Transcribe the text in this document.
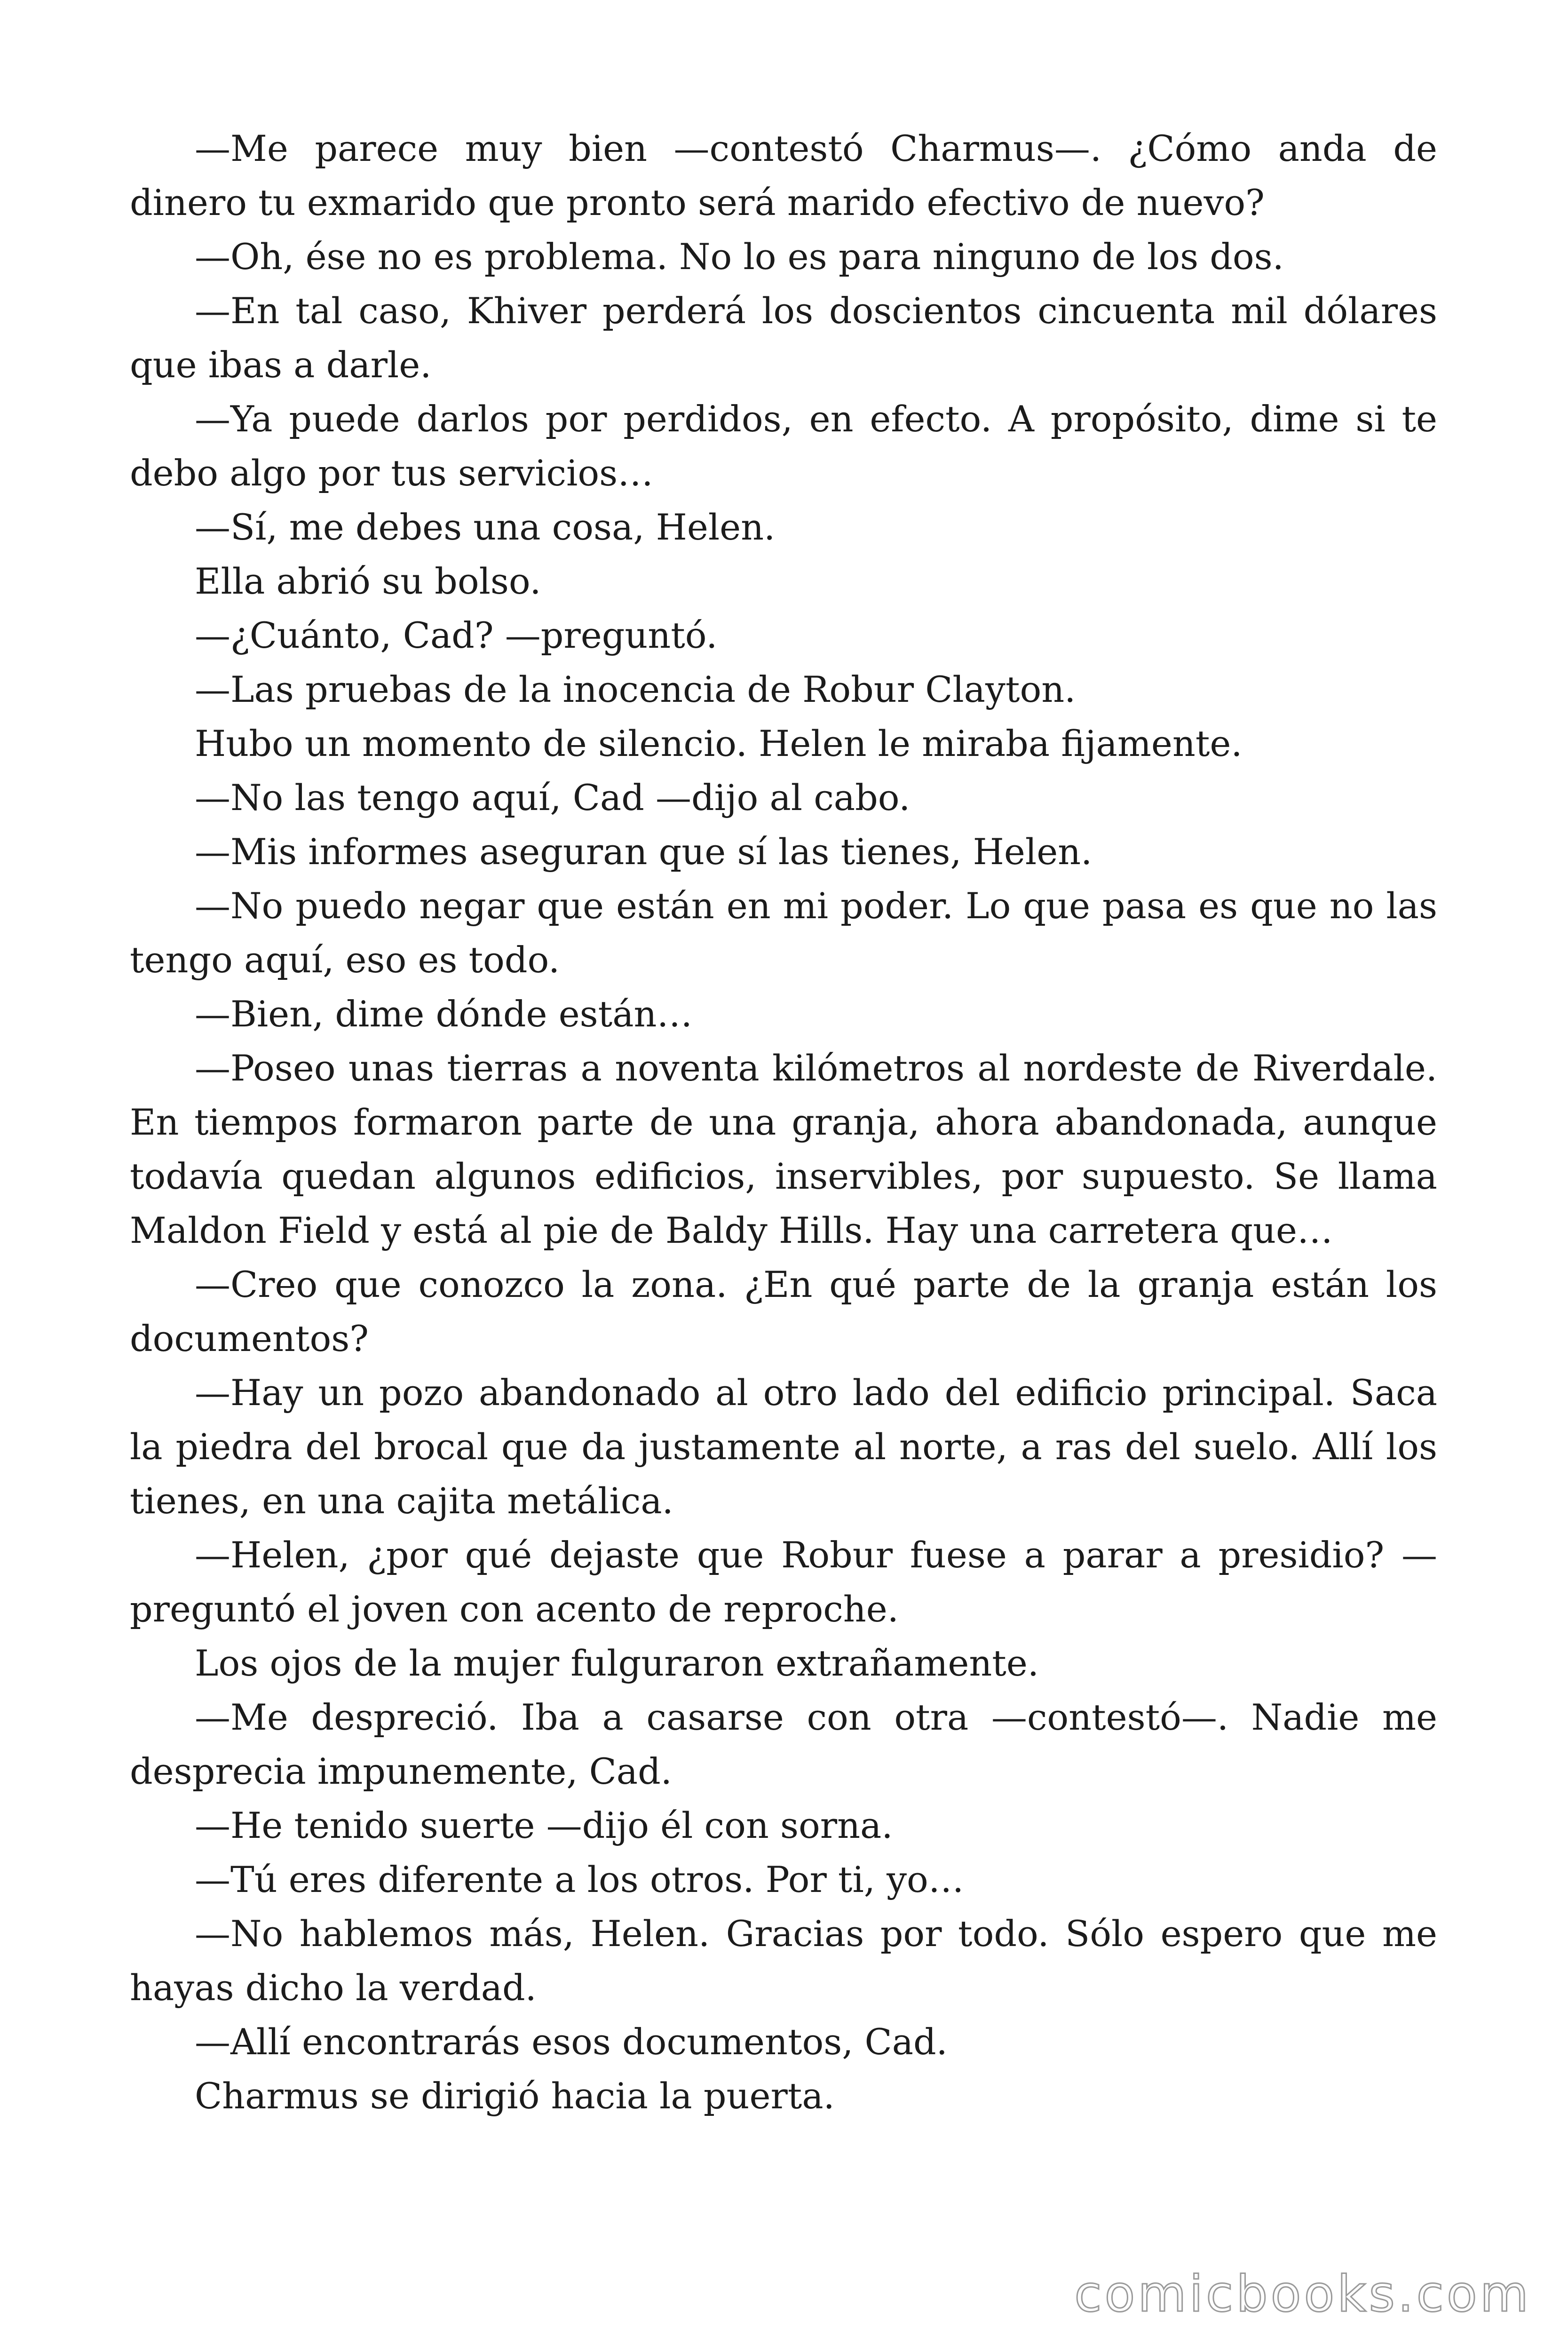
—Me parece muy bien —contestó Charmus—. ¿Cómo anda de dinero tu exmarido que pronto será marido efectivo de nuevo?

—Oh, ése no es problema. No lo es para ninguno de los dos.

—En tal caso, Khiver perderá los doscientos cincuenta mil dólares que ibas a darle.

—Ya puede darlos por perdidos, en efecto. A propósito, dime si te debo algo por tus servicios…

—Sí, me debes una cosa, Helen.

Ella abrió su bolso.

—¿Cuánto, Cad? —preguntó.

—Las pruebas de la inocencia de Robur Clayton.

Hubo un momento de silencio. Helen le miraba fijamente.

—No las tengo aquí, Cad —dijo al cabo.

—Mis informes aseguran que sí las tienes, Helen.

—No puedo negar que están en mi poder. Lo que pasa es que no las tengo aquí, eso es todo.

—Bien, dime dónde están…

—Poseo unas tierras a noventa kilómetros al nordeste de Riverdale. En tiempos formaron parte de una granja, ahora abandonada, aunque todavía quedan algunos edificios, inservibles, por supuesto. Se llama Maldon Field y está al pie de Baldy Hills. Hay una carretera que…

—Creo que conozco la zona. ¿En qué parte de la granja están los documentos?

—Hay un pozo abandonado al otro lado del edificio principal. Saca la piedra del brocal que da justamente al norte, a ras del suelo. Allí los tienes, en una cajita metálica.

—Helen, ¿por qué dejaste que Robur fuese a parar a presidio? —preguntó el joven con acento de reproche.

Los ojos de la mujer fulguraron extrañamente.

—Me despreció. Iba a casarse con otra —contestó—. Nadie me desprecia impunemente, Cad.

—He tenido suerte —dijo él con sorna.

—Tú eres diferente a los otros. Por ti, yo…

—No hablemos más, Helen. Gracias por todo. Sólo espero que me hayas dicho la verdad.

—Allí encontrarás esos documentos, Cad.

Charmus se dirigió hacia la puerta.

comicbooks.com
